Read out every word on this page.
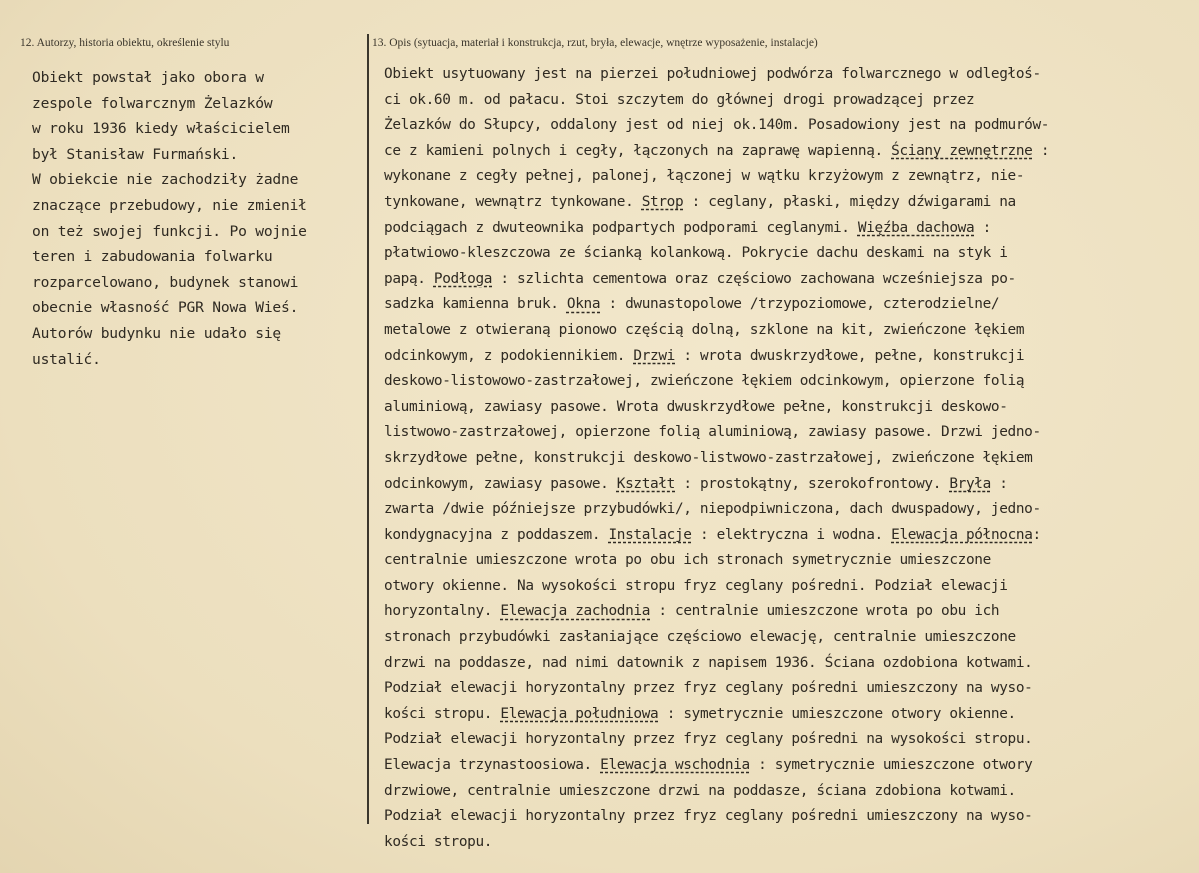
12. Autorzy, historia obiektu, określenie stylu
Obiekt powstał jako obora w
zespole folwarcznym Żelazków
w roku 1936 kiedy właścicielem
był Stanisław Furmański.
W obiekcie nie zachodziły żadne
znaczące przebudowy, nie zmienił
on też swojej funkcji. Po wojnie
teren i zabudowania folwarku
rozparcelowano, budynek stanowi
obecnie własność PGR Nowa Wieś.
Autorów budynku nie udało się
ustalić.
13. Opis (sytuacja, materiał i konstrukcja, rzut, bryła, elewacje, wnętrze wyposażenie, instalacje)
Obiekt usytuowany jest na pierzei południowej podwórza folwarcznego w odległoś-
ci ok.60 m. od pałacu. Stoi szczytem do głównej drogi prowadzącej przez
Żelazków do Słupcy, oddalony jest od niej ok.140m. Posadowiony jest na podmurów-
ce z kamieni polnych i cegły, łączonych na zaprawę wapienną. Ściany zewnętrzne :
wykonane z cegły pełnej, palonej, łączonej w wątku krzyżowym z zewnątrz, nie-
tynkowane, wewnątrz tynkowane. Strop : ceglany, płaski, między dźwigarami na
podciągach z dwuteownika podpartych podporami ceglanymi. Więźba dachowa :
płatwiowo-kleszczowa ze ścianką kolankową. Pokrycie dachu deskami na styk i
papą. Podłoga : szlichta cementowa oraz częściowo zachowana wcześniejsza po-
sadzka kamienna bruk. Okna : dwunastopolowe /trzypoziomowe, czterodzielne/
metalowe z otwieraną pionowo częścią dolną, szklone na kit, zwieńczone łękiem
odcinkowym, z podokiennikiem. Drzwi : wrota dwuskrzydłowe, pełne, konstrukcji
deskowo-listowowo-zastrzałowej, zwieńczone łękiem odcinkowym, opierzone folią
aluminiową, zawiasy pasowe. Wrota dwuskrzydłowe pełne, konstrukcji deskowo-
listwowo-zastrzałowej, opierzone folią aluminiową, zawiasy pasowe. Drzwi jedno-
skrzydłowe pełne, konstrukcji deskowo-listwowo-zastrzałowej, zwieńczone łękiem
odcinkowym, zawiasy pasowe. Kształt : prostokątny, szerokofrontowy. Bryła :
zwarta /dwie późniejsze przybudówki/, niepodpiwniczona, dach dwuspadowy, jedno-
kondygnacyjna z poddaszem. Instalacje : elektryczna i wodna. Elewacja północna:
centralnie umieszczone wrota po obu ich stronach symetrycznie umieszczone
otwory okienne. Na wysokości stropu fryz ceglany pośredni. Podział elewacji
horyzontalny. Elewacja zachodnia : centralnie umieszczone wrota po obu ich
stronach przybudówki zasłaniające częściowo elewację, centralnie umieszczone
drzwi na poddasze, nad nimi datownik z napisem 1936. Ściana ozdobiona kotwami.
Podział elewacji horyzontalny przez fryz ceglany pośredni umieszczony na wyso-
kości stropu. Elewacja południowa : symetrycznie umieszczone otwory okienne.
Podział elewacji horyzontalny przez fryz ceglany pośredni na wysokości stropu.
Elewacja trzynastoosiowa. Elewacja wschodnia : symetrycznie umieszczone otwory
drzwiowe, centralnie umieszczone drzwi na poddasze, ściana zdobiona kotwami.
Podział elewacji horyzontalny przez fryz ceglany pośredni umieszczony na wyso-
kości stropu.
